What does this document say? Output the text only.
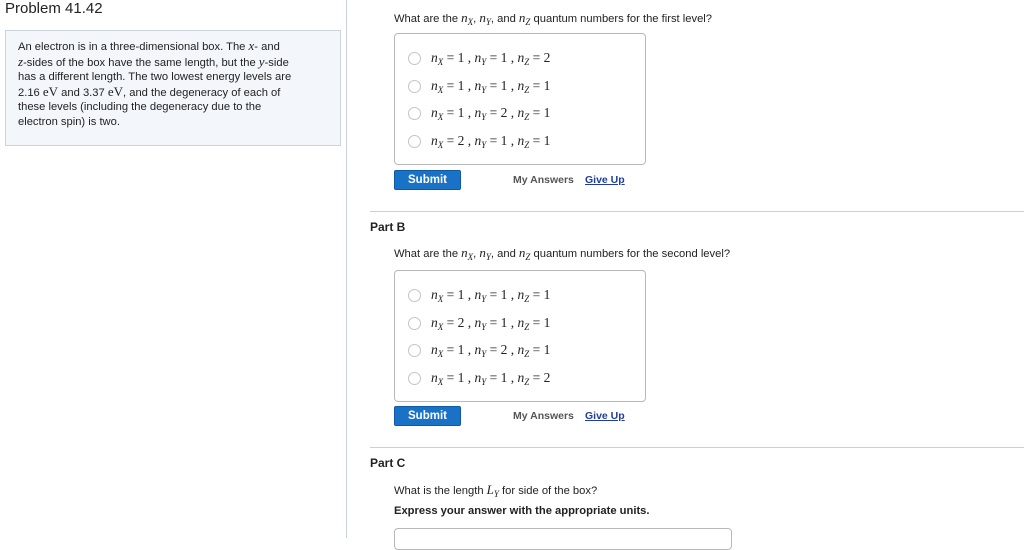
Problem 41.42
An electron is in a three-dimensional box. The x- and
z-sides of the box have the same length, but the y-side
has a different length. The two lowest energy levels are
2.16 eV and 3.37 eV, and the degeneracy of each of
these levels (including the degeneracy due to the
electron spin) is two.
What are the $n_X$, $n_Y$, and $n_Z$ quantum numbers for the first level?
$n_X = 1$ , $n_Y = 1$ , $n_Z = 2$
$n_X = 1$ , $n_Y = 1$ , $n_Z = 1$
$n_X = 1$ , $n_Y = 2$ , $n_Z = 1$
$n_X = 2$ , $n_Y = 1$ , $n_Z = 1$
Submit	My Answers Give Up
Part B
What are the $n_X$, $n_Y$, and $n_Z$ quantum numbers for the second level?
$n_X = 1$ , $n_Y = 1$ , $n_Z = 1$
$n_X = 2$ , $n_Y = 1$ , $n_Z = 1$
$n_X = 1$ , $n_Y = 2$ , $n_Z = 1$
$n_X = 1$ , $n_Y = 1$ , $n_Z = 2$
Submit	My Answers Give Up
Part C
What is the length $L_Y$ for side of the box?
Express your answer with the appropriate units.
